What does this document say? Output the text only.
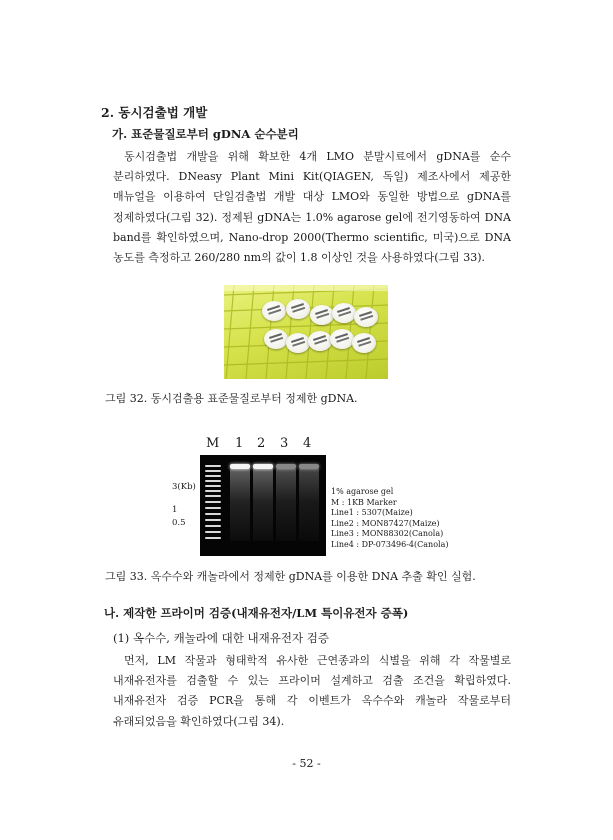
2. 동시검출법 개발
가. 표준물질로부터 gDNA 순수분리

동시검출법 개발을 위해 확보한 4개 LMO 분말시료에서 gDNA를 순수

분리하였다. DNeasy Plant Mini Kit(QIAGEN, 독일) 제조사에서 제공한

매뉴얼을 이용하여 단일검출법 개발 대상 LMO와 동일한 방법으로 gDNA를

정제하였다(그림 32). 정제된 gDNA는 1.0% agarose gel에 전기영동하여 DNA

band를 확인하였으며, Nano-drop 2000(Thermo scientific, 미국)으로 DNA

농도를 측정하고 260/280 nm의 값이 1.8 이상인 것을 사용하였다(그림 33).

그림 32. 동시검출용 표준물질로부터 정제한 gDNA.
M 1 2 3 4
3(Kb)
1
0.5
1% agarose gel
M : 1KB Marker
Line1 : 5307(Maize)
Line2 : MON87427(Maize)
Line3 : MON88302(Canola)
Line4 : DP-073496-4(Canola)
그림 33. 옥수수와 캐놀라에서 정제한 gDNA를 이용한 DNA 추출 확인 실험.
나. 제작한 프라이머 검증(내재유전자/LM 특이유전자 증폭)
(1) 옥수수, 캐놀라에 대한 내재유전자 검증

먼저, LM 작물과 형태학적 유사한 근연종과의 식별을 위해 각 작물별로

내재유전자를 검출할 수 있는 프라이머 설계하고 검출 조건을 확립하였다.

내재유전자 검증 PCR을 통해 각 이벤트가 옥수수와 캐놀라 작물로부터

유래되었음을 확인하였다(그림 34).

- 52 -
